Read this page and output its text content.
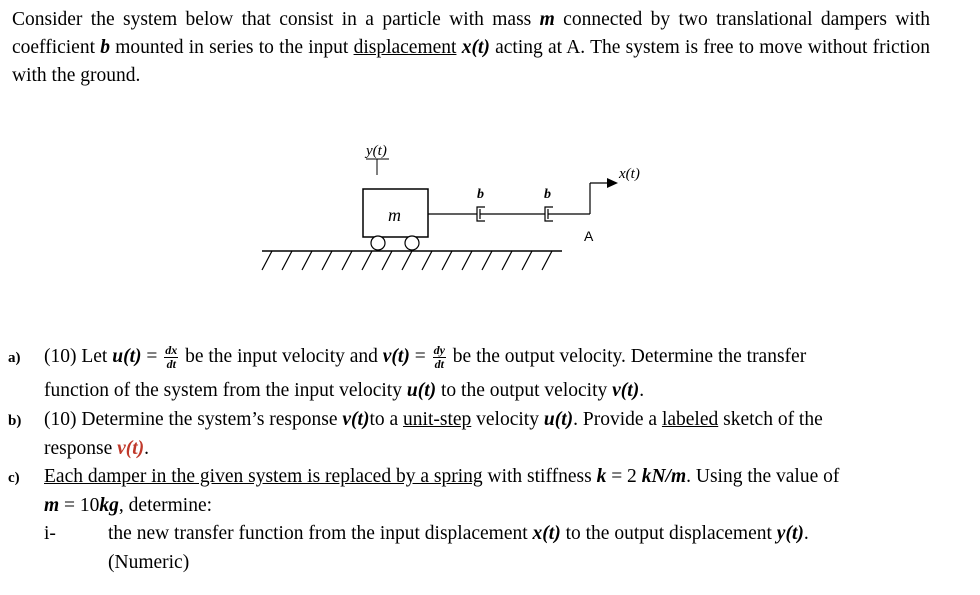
Consider the system below that consist in a particle with mass m connected by two translational dampers with coefficient b mounted in series to the input displacement x(t) acting at A. The system is free to move without friction with the ground.
y(t)
m
b	b
x(t)
A
a) (10) Let $u(t) = \frac{dx}{dt}$ be the input velocity and $v(t) = \frac{dy}{dt}$ be the output velocity. Determine the transfer
function of the system from the input velocity u(t) to the output velocity v(t).
b) (10) Determine the system’s response v(t)to a unit-step velocity u(t). Provide a labeled sketch of the
response v(t).
c) Each damper in the given system is replaced by a spring with stiffness k = 2 kN/m. Using the value of
m = 10kg, determine:
i-	the new transfer function from the input displacement x(t) to the output displacement y(t).
(Numeric)
